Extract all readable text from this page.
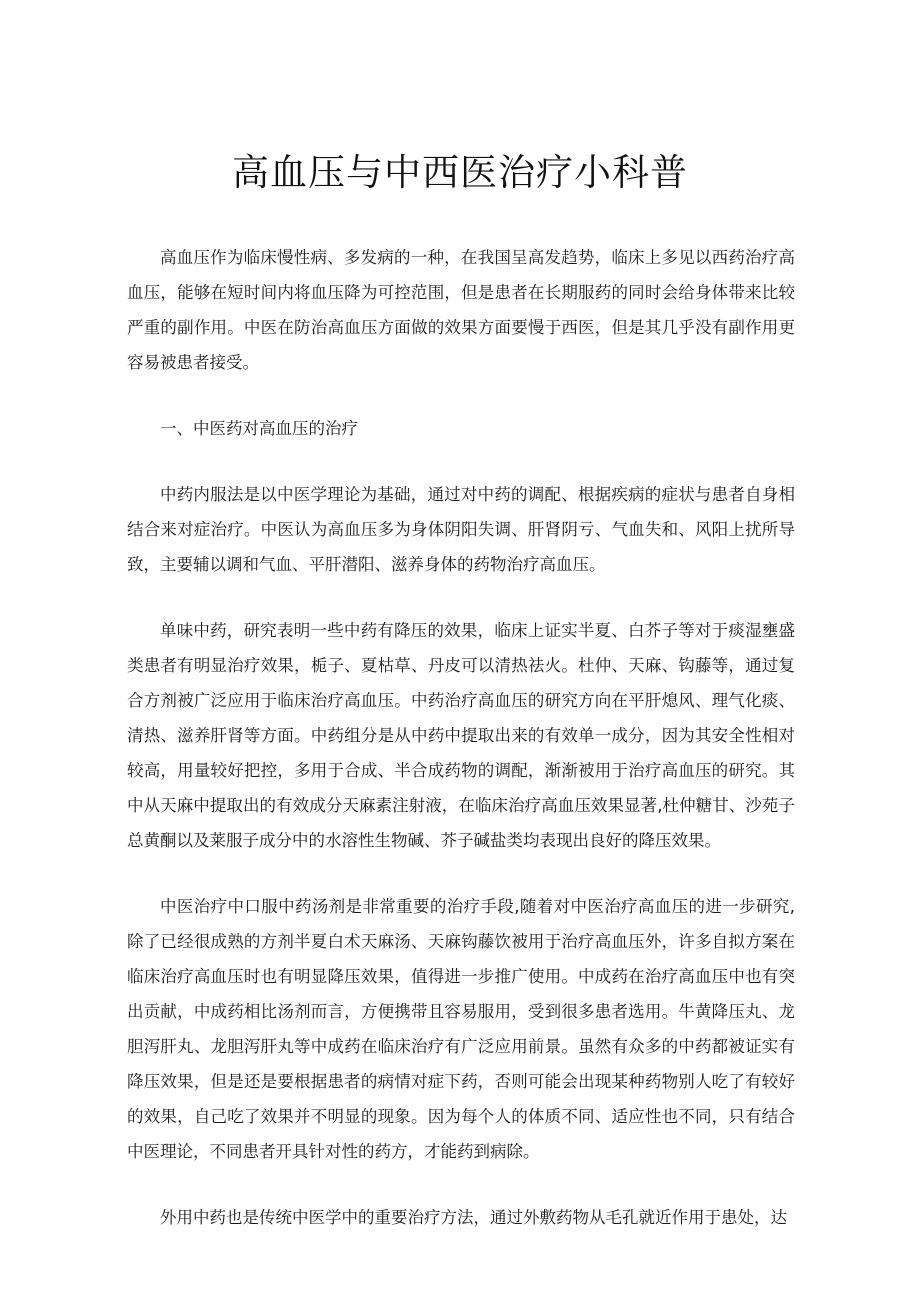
高血压与中西医治疗小科普

高血压作为临床慢性病、多发病的一种，在我国呈高发趋势，临床上多见以西药治疗高血压，能够在短时间内将血压降为可控范围，但是患者在长期服药的同时会给身体带来比较严重的副作用。中医在防治高血压方面做的效果方面要慢于西医，但是其几乎没有副作用更容易被患者接受。

一、中医药对高血压的治疗

中药内服法是以中医学理论为基础，通过对中药的调配、根据疾病的症状与患者自身相结合来对症治疗。中医认为高血压多为身体阴阳失调、肝肾阴亏、气血失和、风阳上扰所导致，主要辅以调和气血、平肝潜阳、滋养身体的药物治疗高血压。

单味中药，研究表明一些中药有降压的效果，临床上证实半夏、白芥子等对于痰湿壅盛类患者有明显治疗效果，栀子、夏枯草、丹皮可以清热祛火。杜仲、天麻、钩藤等，通过复合方剂被广泛应用于临床治疗高血压。中药治疗高血压的研究方向在平肝熄风、理气化痰、清热、滋养肝肾等方面。中药组分是从中药中提取出来的有效单一成分，因为其安全性相对较高，用量较好把控，多用于合成、半合成药物的调配，渐渐被用于治疗高血压的研究。其中从天麻中提取出的有效成分天麻素注射液，在临床治疗高血压效果显著,杜仲糖甘、沙苑子总黄酮以及莱服子成分中的水溶性生物碱、芥子碱盐类均表现出良好的降压效果。

中医治疗中口服中药汤剂是非常重要的治疗手段,随着对中医治疗高血压的进一步研究,除了已经很成熟的方剂半夏白术天麻汤、天麻钩藤饮被用于治疗高血压外，许多自拟方案在临床治疗高血压时也有明显降压效果，值得进一步推广使用。中成药在治疗高血压中也有突出贡献，中成药相比汤剂而言，方便携带且容易服用，受到很多患者选用。牛黄降压丸、龙胆泻肝丸、龙胆泻肝丸等中成药在临床治疗有广泛应用前景。虽然有众多的中药都被证实有降压效果，但是还是要根据患者的病情对症下药，否则可能会出现某种药物别人吃了有较好的效果，自己吃了效果并不明显的现象。因为每个人的体质不同、适应性也不同，只有结合中医理论，不同患者开具针对性的药方，才能药到病除。

外用中药也是传统中医学中的重要治疗方法，通过外敷药物从毛孔就近作用于患处，达
